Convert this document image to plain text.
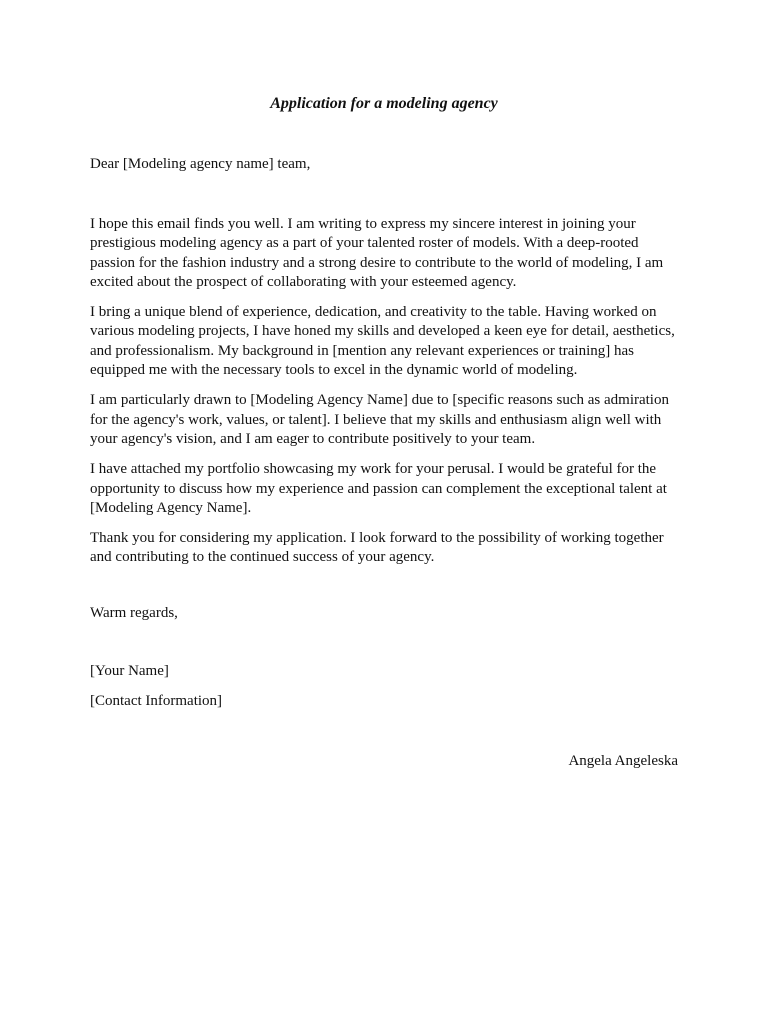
Application for a modeling agency

Dear [Modeling agency name] team,

I hope this email finds you well. I am writing to express my sincere interest in joining your prestigious modeling agency as a part of your talented roster of models. With a deep-rooted passion for the fashion industry and a strong desire to contribute to the world of modeling, I am excited about the prospect of collaborating with your esteemed agency.

I bring a unique blend of experience, dedication, and creativity to the table. Having worked on various modeling projects, I have honed my skills and developed a keen eye for detail, aesthetics, and professionalism. My background in [mention any relevant experiences or training] has equipped me with the necessary tools to excel in the dynamic world of modeling.

I am particularly drawn to [Modeling Agency Name] due to [specific reasons such as admiration for the agency's work, values, or talent]. I believe that my skills and enthusiasm align well with your agency's vision, and I am eager to contribute positively to your team.

I have attached my portfolio showcasing my work for your perusal. I would be grateful for the opportunity to discuss how my experience and passion can complement the exceptional talent at [Modeling Agency Name].

Thank you for considering my application. I look forward to the possibility of working together and contributing to the continued success of your agency.

Warm regards,

[Your Name]

[Contact Information]

Angela Angeleska
